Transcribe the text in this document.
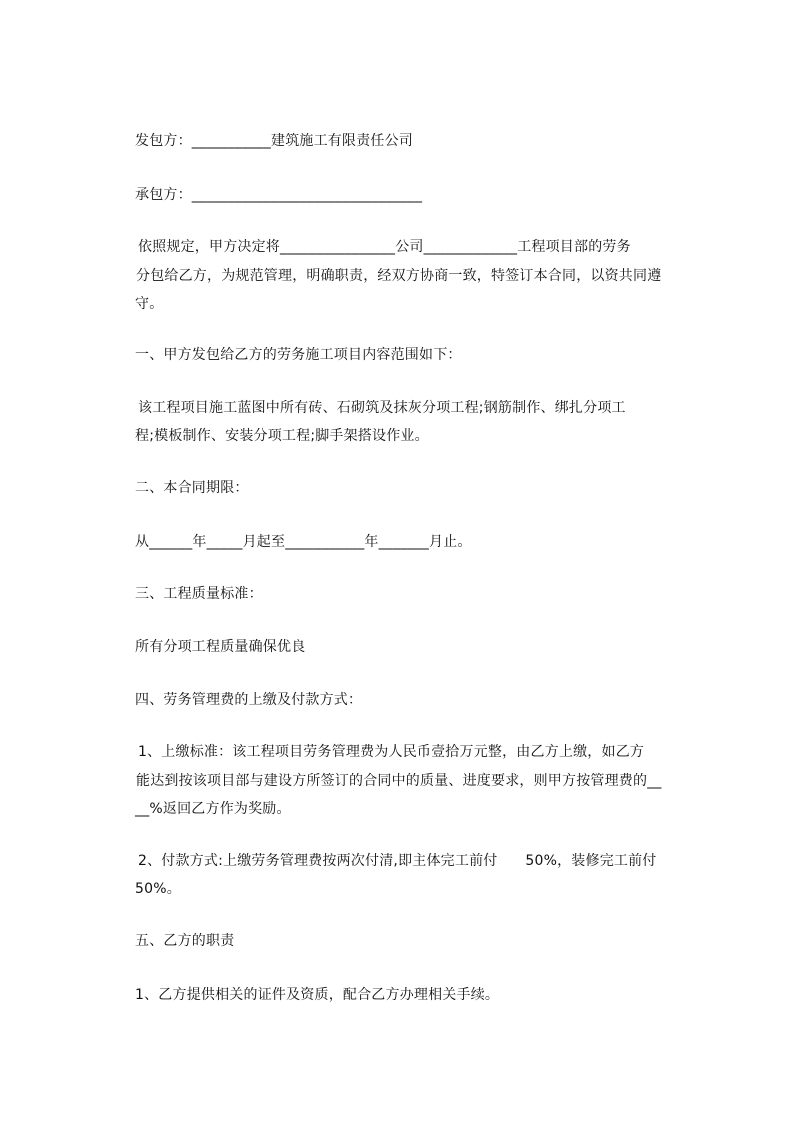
发包方：___________建筑施工有限责任公司
承包方：________________________________
依照规定，甲方决定将________________公司_____________工程项目部的劳务
分包给乙方，为规范管理，明确职责，经双方协商一致，特签订本合同，以资共同遵
守。
一、甲方发包给乙方的劳务施工项目内容范围如下：
该工程项目施工蓝图中所有砖、石砌筑及抹灰分项工程;钢筋制作、绑扎分项工
程;模板制作、安装分项工程;脚手架搭设作业。
二、本合同期限：
从______年_____月起至___________年_______月止。
三、工程质量标准：
所有分项工程质量确保优良
四、劳务管理费的上缴及付款方式：
1、上缴标准：该工程项目劳务管理费为人民币壹拾万元整，由乙方上缴，如乙方
能达到按该项目部与建设方所签订的合同中的质量、进度要求，则甲方按管理费的__
__%返回乙方作为奖励。
2、付款方式:上缴劳务管理费按两次付清,即主体完工前付      50%，装修完工前付
50%。
五、乙方的职责
1、乙方提供相关的证件及资质，配合乙方办理相关手续。
